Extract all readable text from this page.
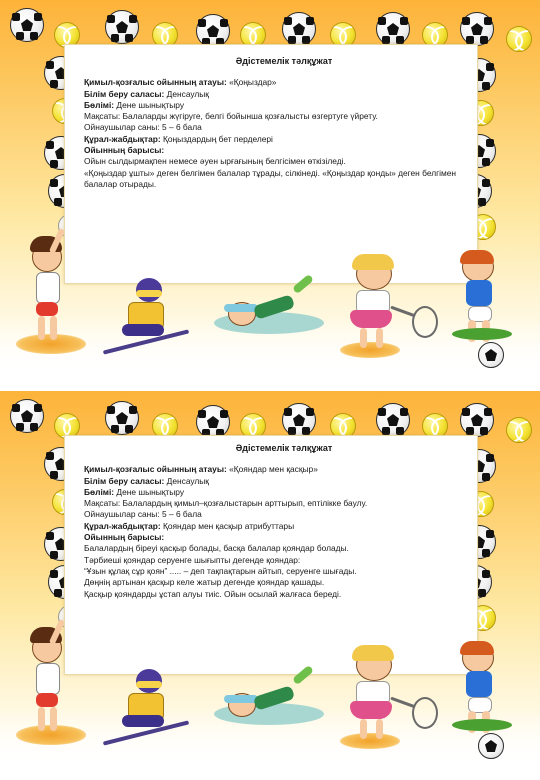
Әдістемелік тәлқұжат

Қимыл-қозғалыс ойынның атауы: «Қоңыздар»

Білім беру саласы: Денсаулық

Бөлімі: Дене шынықтыру

Мақсаты: Балаларды жүгіруге, белгі бойынша қозғалысты өзгертуге үйрету.

Ойнаушылар саны: 5 – 6 бала

Құрал-жабдықтар: Қоңыздардың бет перделері

Ойынның барысы:

Ойын сылдырмақпен немесе әуен ырғағының белгісімен өткізіледі.

«Қоңыздар ұшты» деген белгімен балалар тұрады, сілкінеді. «Қоңыздар қонды» деген белгімен балалар отырады.

Әдістемелік тәлқұжат

Қимыл-қозғалыс ойынның атауы: «Қояндар мен қасқыр»

Білім беру саласы: Денсаулық

Бөлімі: Дене шынықтыру

Мақсаты: Балалардың қимыл–қозғалыстарын арттырып, ептілікке баулу.

Ойнаушылар саны: 5 – 6 бала

Құрал-жабдықтар: Қояндар мен қасқыр атрибуттары

Ойынның барысы:

Балалардың біреуі қасқыр болады, басқа балалар қояндар болады.

Тәрбиеші қояндар серуенге шығыпты дегенде қояндар:

“Ұзын құлақ сұр қоян” ..... – деп тақпақтарын айтып, серуенге шығады.

Дөңнің артынан қасқыр келе жатыр дегенде қояндар қашады.

Қасқыр қояндарды ұстап алуы тиіс. Ойын осылай жалғаса береді.
